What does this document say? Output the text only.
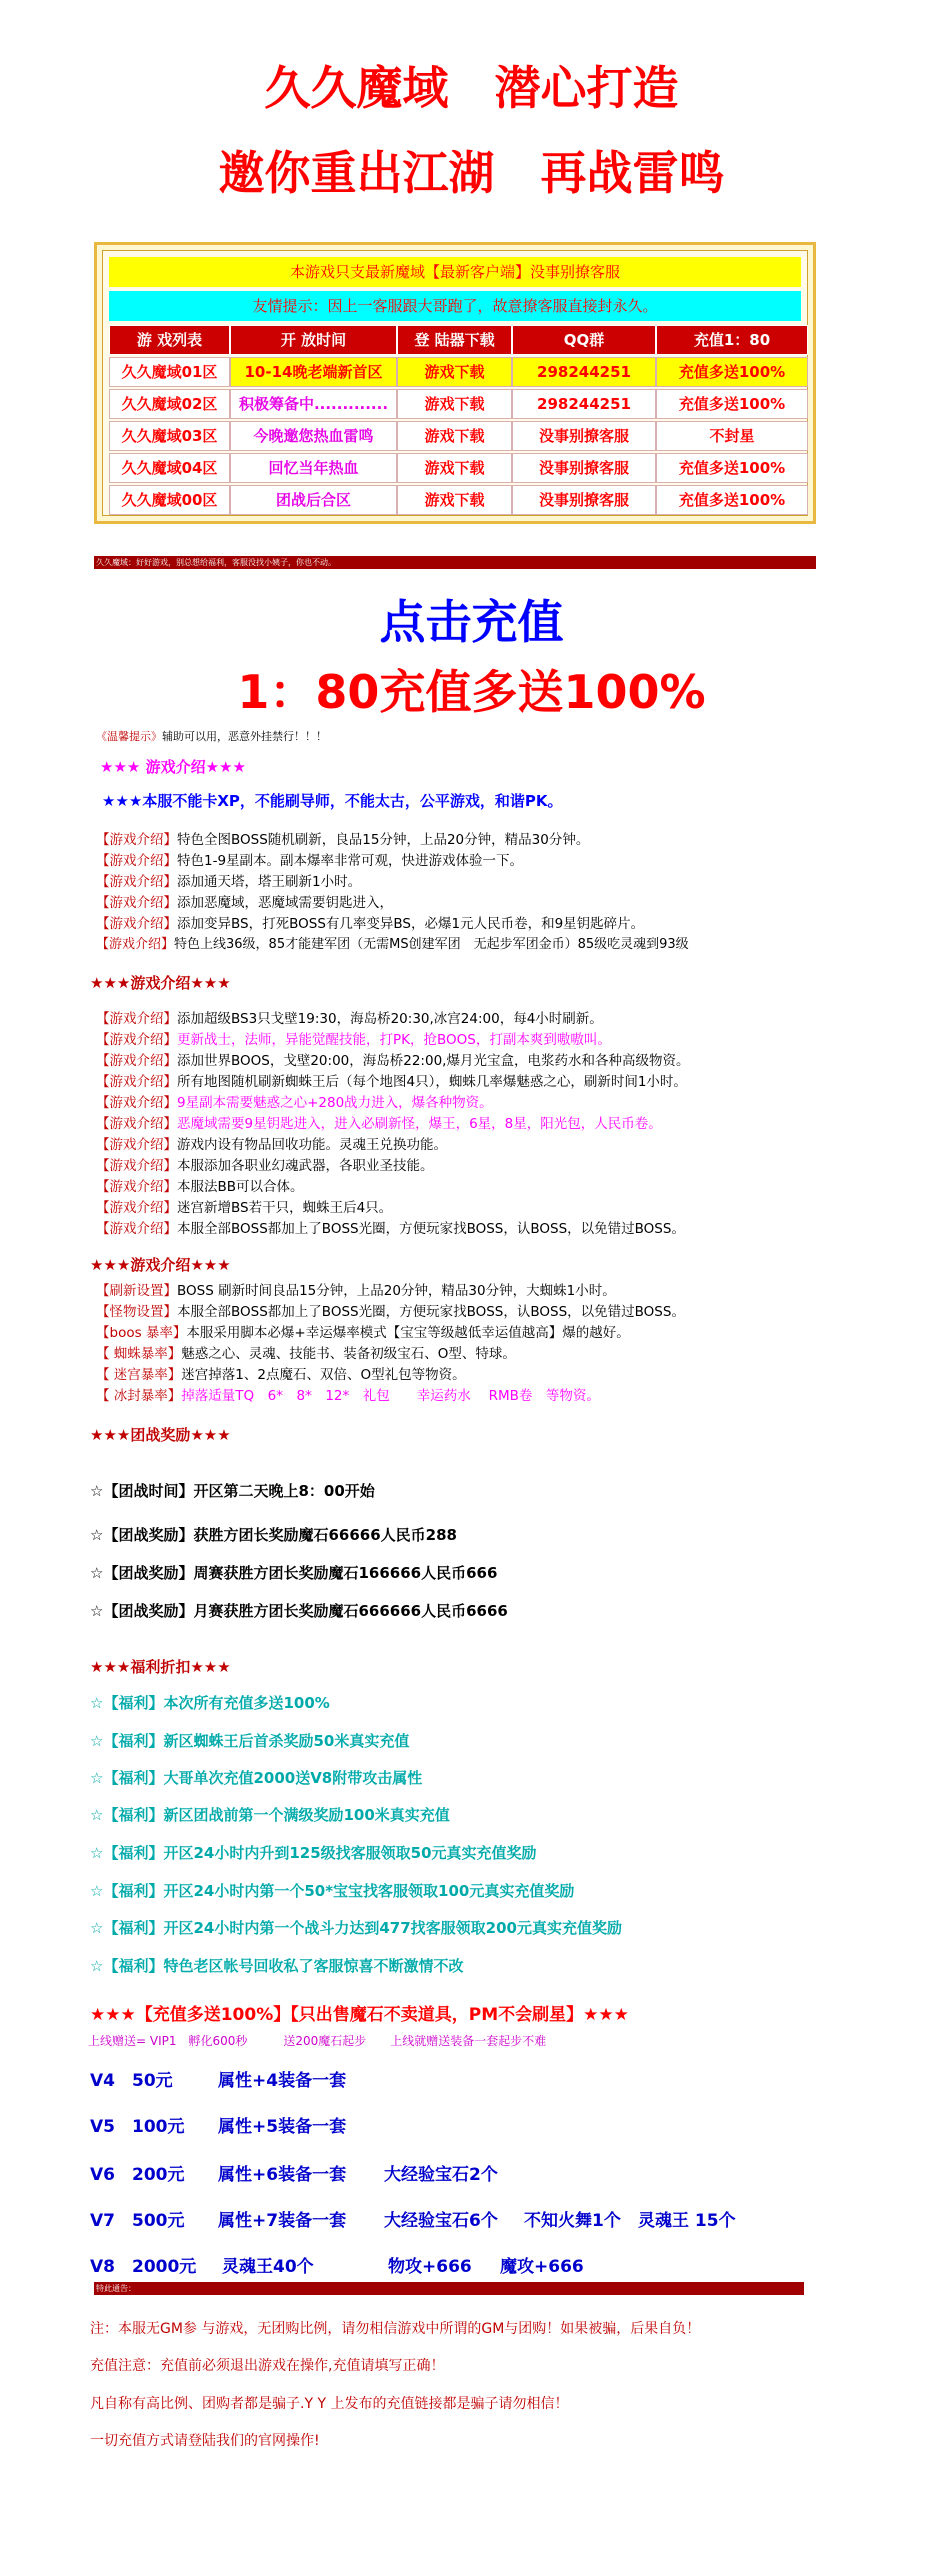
久久魔域　潜心打造
邀你重出江湖　再战雷鸣
本游戏只支最新魔域【最新客户端】没事别撩客服
友情提示：因上一客服跟大哥跑了，故意撩客服直接封永久。
游 戏列表	开 放时间	登 陆器下载	QQ群	充值1：80
久久魔域01区	10-14晚老端新首区	游戏下载	298244251	充值多送100%
久久魔域02区	积极筹备中.............	游戏下载	298244251	充值多送100%
久久魔域03区	今晚邀您热血雷鸣	游戏下载	没事别撩客服	不封星
久久魔域04区	回忆当年热血	游戏下载	没事别撩客服	充值多送100%
久久魔域00区	团战后合区	游戏下载	没事别撩客服	充值多送100%
久久魔域：好好游戏，别总想给福利，客服没找小姨子，你也不动。
点击充值
1：80充值多送100%
《温馨提示》辅助可以用，恶意外挂禁行！！！
★★★ 游戏介绍★★★
★★★本服不能卡XP，不能刷导师，不能太古，公平游戏，和谐PK。
【游戏介绍】特色全图BOSS随机刷新，良品15分钟，上品20分钟，精品30分钟。
【游戏介绍】特色1-9星副本。副本爆率非常可观，快进游戏体验一下。
【游戏介绍】添加通天塔，塔王刷新1小时。
【游戏介绍】添加恶魔域，恶魔域需要钥匙进入，
【游戏介绍】添加变异BS，打死BOSS有几率变异BS，必爆1元人民币卷，和9星钥匙碎片。
【游戏介绍】特色上线36级，85才能建军团（无需MS创建军团　无起步军团金币）85级吃灵魂到93级
★★★游戏介绍★★★
【游戏介绍】添加超级BS3只戈壁19:30，海岛桥20:30,冰宫24:00，每4小时刷新。
【游戏介绍】更新战士，法师，异能觉醒技能，打PK，抢BOOS，打副本爽到嗷嗷叫。
【游戏介绍】添加世界BOOS，戈壁20:00，海岛桥22:00,爆月光宝盒，电浆药水和各种高级物资。
【游戏介绍】所有地图随机刷新蜘蛛王后（每个地图4只），蜘蛛几率爆魅惑之心，刷新时间1小时。
【游戏介绍】9星副本需要魅惑之心+280战力进入，爆各种物资。
【游戏介绍】恶魔域需要9星钥匙进入，进入必刷新怪，爆王，6星，8星，阳光包，人民币卷。
【游戏介绍】游戏内设有物品回收功能。灵魂王兑换功能。
【游戏介绍】本服添加各职业幻魂武器，各职业圣技能。
【游戏介绍】本服法BB可以合体。
【游戏介绍】迷宫新增BS若干只，蜘蛛王后4只。
【游戏介绍】本服全部BOSS都加上了BOSS光圈，方便玩家找BOSS，认BOSS，以免错过BOSS。
★★★游戏介绍★★★
【刷新设置】BOSS 刷新时间良品15分钟，上品20分钟，精品30分钟，大蜘蛛1小时。
【怪物设置】本服全部BOSS都加上了BOSS光圈，方便玩家找BOSS，认BOSS，以免错过BOSS。
【boos 暴率】本服采用脚本必爆+幸运爆率模式【宝宝等级越低幸运值越高】爆的越好。
【 蜘蛛暴率】魅惑之心、灵魂、技能书、装备初级宝石、O型、特球。
【 迷宫暴率】迷宫掉落1、2点魔石、双倍、O型礼包等物资。
【 冰封暴率】掉落适量TQ　6*　8*　12*　礼包　　幸运药水　 RMB卷　等物资。
★★★团战奖励★★★
☆【团战时间】开区第二天晚上8：00开始
☆【团战奖励】获胜方团长奖励魔石66666人民币288
☆【团战奖励】周赛获胜方团长奖励魔石166666人民币666
☆【团战奖励】月赛获胜方团长奖励魔石666666人民币6666
★★★福利折扣★★★
☆【福利】本次所有充值多送100%
☆【福利】新区蜘蛛王后首杀奖励50米真实充值
☆【福利】大哥单次充值2000送V8附带攻击属性
☆【福利】新区团战前第一个满级奖励100米真实充值
☆【福利】开区24小时内升到125级找客服领取50元真实充值奖励
☆【福利】开区24小时内第一个50*宝宝找客服领取100元真实充值奖励
☆【福利】开区24小时内第一个战斗力达到477找客服领取200元真实充值奖励
☆【福利】特色老区帐号回收私了客服惊喜不断激情不改
★★★【充值多送100%】【只出售魔石不卖道具，PM不会刷星】★★★
上线赠送= VIP1　孵化600秒　　　送200魔石起步　　上线就赠送装备一套起步不难
V4　50元	属性+4装备一套
V5　100元 属性+5装备一套
V6　200元 属性+6装备一套 大经验宝石2个
V7　500元 属性+7装备一套 大经验宝石6个 不知火舞1个 灵魂王 15个
V8　2000元 灵魂王40个	物攻+666 魔攻+666
特此通告：
注：本服无GM参 与游戏，无团购比例，请勿相信游戏中所谓的GM与团购！如果被骗，后果自负！
充值注意：充值前必须退出游戏在操作,充值请填写正确！
凡自称有高比例、团购者都是骗子.Y Y 上发布的充值链接都是骗子请勿相信！
一切充值方式请登陆我们的官网操作!
